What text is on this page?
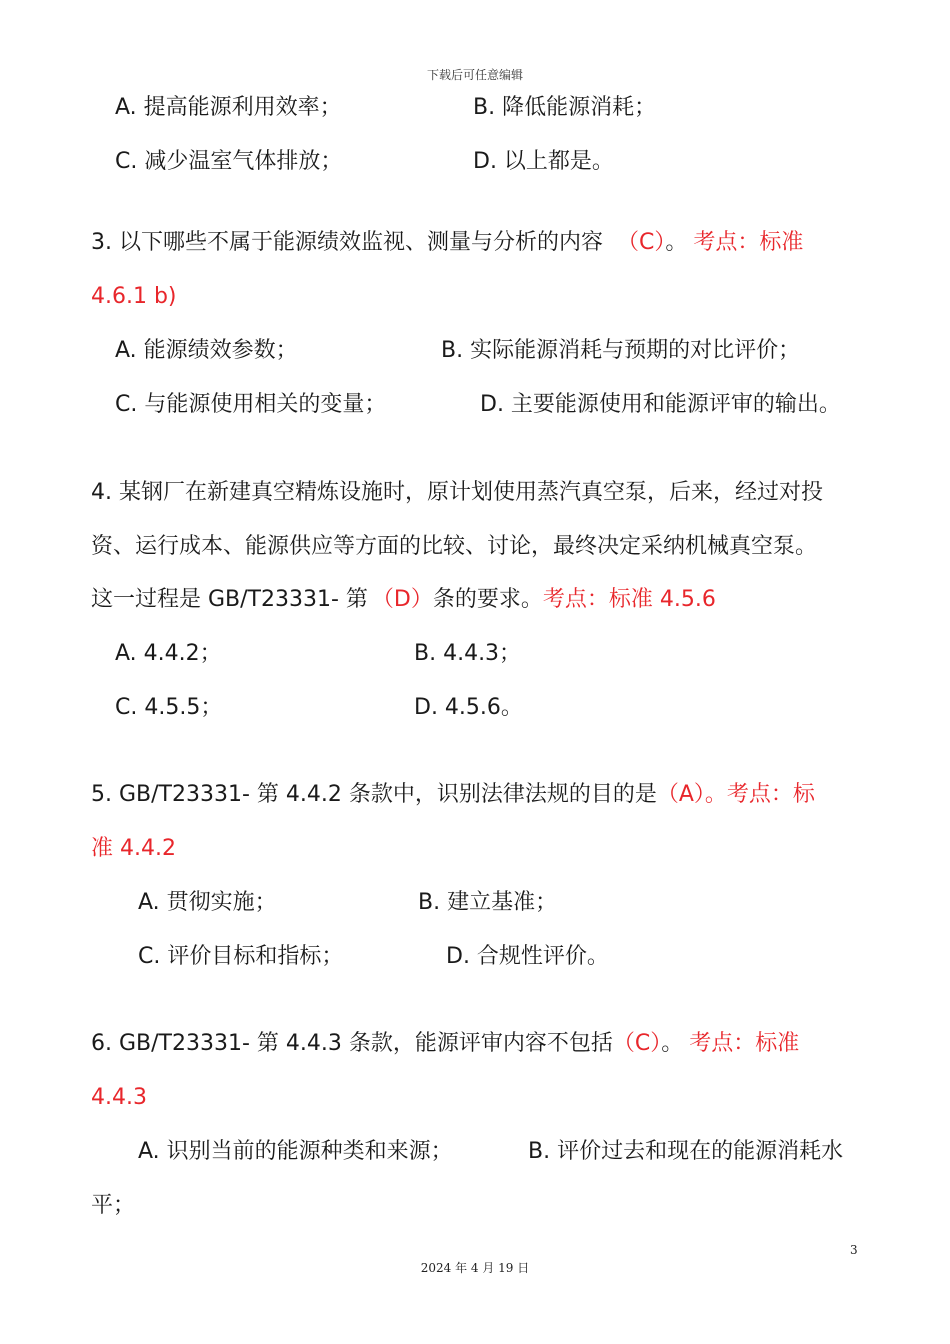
下载后可任意编辑
A. 提高能源利用效率；	B. 降低能源消耗；
C. 减少温室气体排放；	D. 以上都是。
3. 以下哪些不属于能源绩效监视、测量与分析的内容 （C）。 考点：标准
4.6.1 b)
A. 能源绩效参数；	B. 实际能源消耗与预期的对比评价；
C. 与能源使用相关的变量；	D. 主要能源使用和能源评审的输出。
4. 某钢厂在新建真空精炼设施时，原计划使用蒸汽真空泵，后来，经过对投
资、运行成本、能源供应等方面的比较、讨论，最终决定采纳机械真空泵。
这一过程是 GB/T23331- 第 （D）条的要求。考点：标准 4.5.6
A. 4.4.2；	B. 4.4.3；
C. 4.5.5；	D. 4.5.6。
5. GB/T23331- 第 4.4.2 条款中，识别法律法规的目的是（A）。考点：标
准 4.4.2
A. 贯彻实施；	B. 建立基准；
C. 评价目标和指标；	D. 合规性评价。
6. GB/T23331- 第 4.4.3 条款，能源评审内容不包括（C）。 考点：标准
4.4.3
A. 识别当前的能源种类和来源；	B. 评价过去和现在的能源消耗水
平；
3
2024 年 4 月 19 日
